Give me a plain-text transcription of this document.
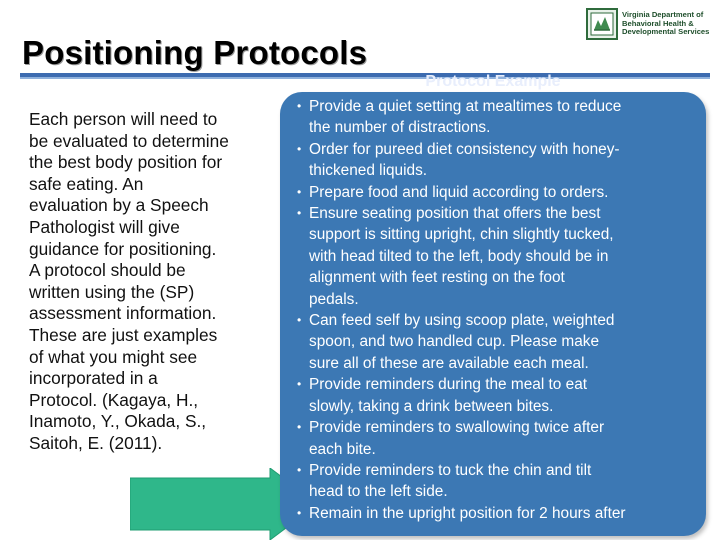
Positioning Protocols
Virginia Department of
Behavioral Health &
Developmental Services
Each person will need to
be evaluated to determine
the best body position for
safe eating. An
evaluation by a Speech
Pathologist will give
guidance for positioning.
A protocol should be
written using the (SP)
assessment information.
These are just examples
of what you might see
incorporated in a
Protocol. (Kagaya, H.,
Inamoto, Y., Okada, S.,
Saitoh, E. (2011).
Protocol Example
• Provide a quiet setting at mealtimes to reduce
the number of distractions.
• Order for pureed diet consistency with honey-
thickened liquids.
• Prepare food and liquid according to orders.
• Ensure seating position that offers the best
support is sitting upright, chin slightly tucked,
with head tilted to the left, body should be in
alignment with feet resting on the foot
pedals.
• Can feed self by using scoop plate, weighted
spoon, and two handled cup. Please make
sure all of these are available each meal.
• Provide reminders during the meal to eat
slowly, taking a drink between bites.
• Provide reminders to swallowing twice after
each bite.
• Provide reminders to tuck the chin and tilt
head to the left side.
• Remain in the upright position for 2 hours after
